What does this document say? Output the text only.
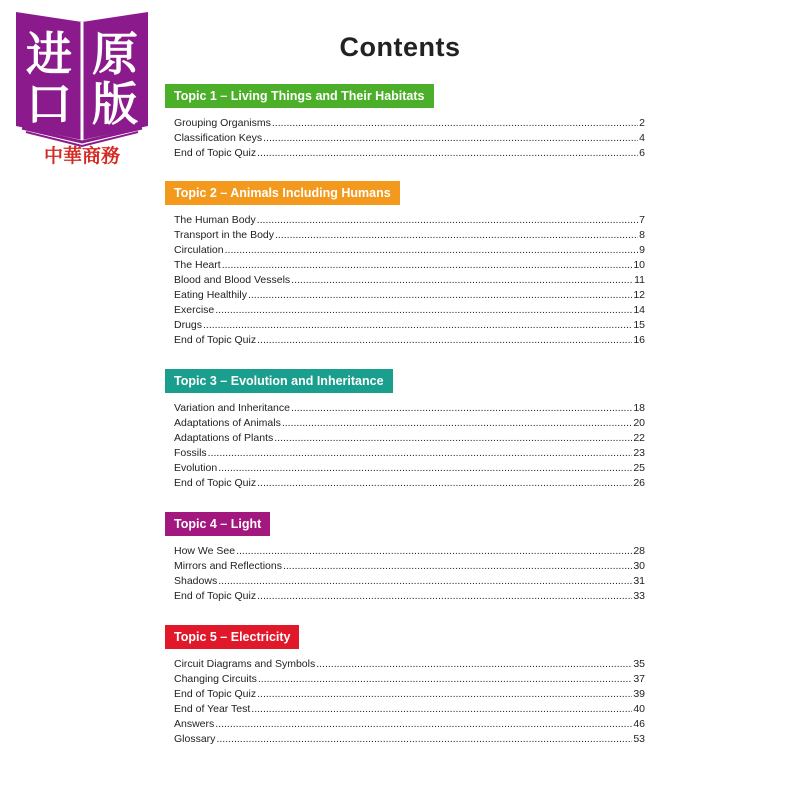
进 原
口 版
中華商務
Contents
Topic 1 – Living Things and Their Habitats
Grouping Organisms .....	2
Classification Keys .....	4
End of Topic Quiz .....	6
Topic 2 – Animals Including Humans
The Human Body .....	7
Transport in the Body .....	8
Circulation .....	9
The Heart .....	10
Blood and Blood Vessels .....	11
Eating Healthily .....	12
Exercise .....	14
Drugs .....	15
End of Topic Quiz .....	16
Topic 3 – Evolution and Inheritance
Variation and Inheritance .....	18
Adaptations of Animals .....	20
Adaptations of Plants .....	22
Fossils .....	23
Evolution .....	25
End of Topic Quiz .....	26
Topic 4 – Light
How We See .....	28
Mirrors and Reflections .....	30
Shadows .....	31
End of Topic Quiz .....	33
Topic 5 – Electricity
Circuit Diagrams and Symbols .....	35
Changing Circuits .....	37
End of Topic Quiz .....	39
End of Year Test .....	40
Answers .....	46
Glossary .....	53
